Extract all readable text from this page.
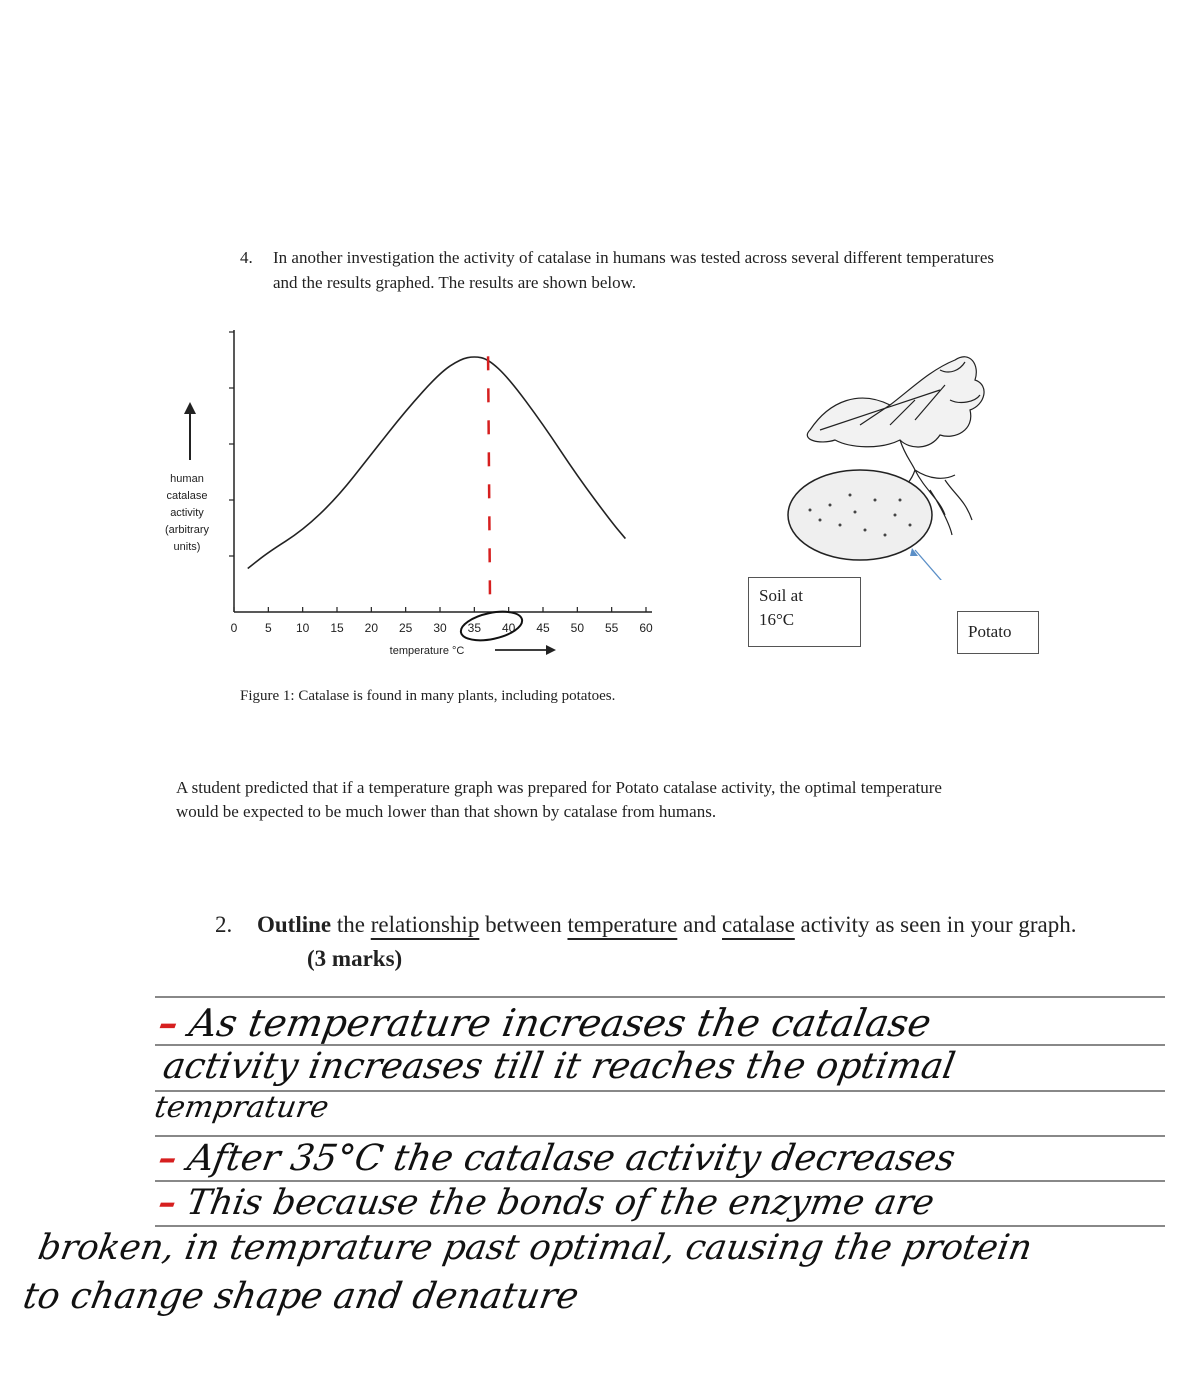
4. In another investigation the activity of catalase in humans was tested across several different temperatures and the results graphed. The results are shown below.
0 5 10 15 20 25 30 35 40 45 50 55 60
human
catalase
activity
(arbitrary
units)
temperature °C
Soil at
16°C
Potato
Figure 1: Catalase is found in many plants, including potatoes.
A student predicted that if a temperature graph was prepared for Potato catalase activity, the optimal temperature would be expected to be much lower than that shown by catalase from humans.
2. Outline the relationship between temperature and catalase activity as seen in your graph.(3 marks)
– As temperature increases the catalase
activity increases till it reaches the optimal
temprature
– After 35°C the catalase activity decreases
– This because the bonds of the enzyme are
broken, in temprature past optimal, causing the protein
to change shape and denature
